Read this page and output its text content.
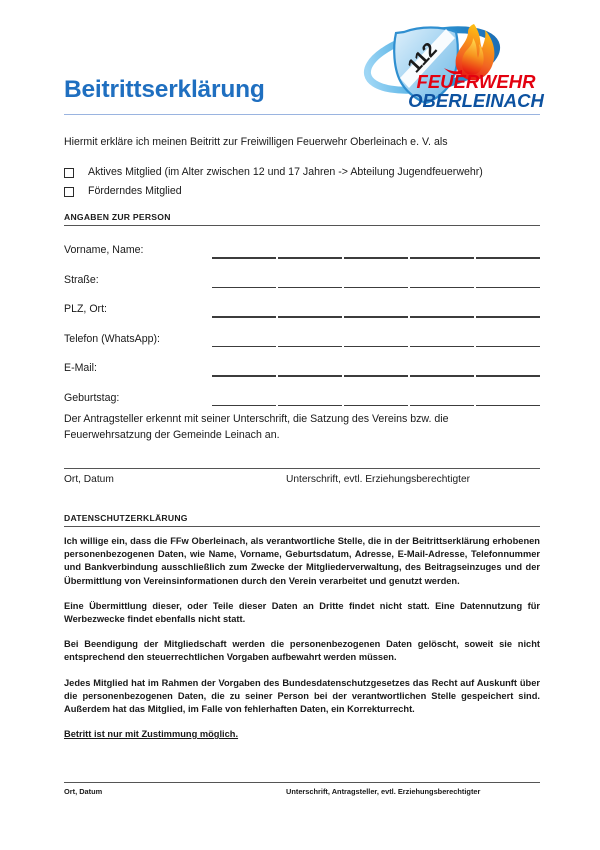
112
FEUERWEHR
OBERLEINACH
Beitrittserklärung
Hiermit erkläre ich meinen Beitritt zur Freiwilligen Feuerwehr Oberleinach e. V. als
Aktives Mitglied (im Alter zwischen 12 und 17 Jahren -> Abteilung Jugendfeuerwehr)
Förderndes Mitglied
ANGABEN ZUR PERSON
Vorname, Name:
Straße:
PLZ, Ort:
Telefon (WhatsApp):
E-Mail:
Geburtstag:
Der Antragsteller erkennt mit seiner Unterschrift, die Satzung des Vereins bzw. die Feuerwehrsatzung der Gemeinde Leinach an.
Ort, Datum	Unterschrift, evtl. Erziehungsberechtigter
DATENSCHUTZERKLÄRUNG

Ich willige ein, dass die FFw Oberleinach, als verantwortliche Stelle, die in der Beitrittserklärung erhobenen personenbezogenen Daten, wie Name, Vorname, Geburtsdatum, Adresse, E-Mail-Adresse, Telefonnummer und Bankverbindung ausschließlich zum Zwecke der Mitgliederverwaltung, des Beitragseinzuges und der Übermittlung von Vereinsinformationen durch den Verein verarbeitet und genutzt werden.

Eine Übermittlung dieser, oder Teile dieser Daten an Dritte findet nicht statt. Eine Datennutzung für Werbezwecke findet ebenfalls nicht statt.

Bei Beendigung der Mitgliedschaft werden die personenbezogenen Daten gelöscht, soweit sie nicht entsprechend den steuerrechtlichen Vorgaben aufbewahrt werden müssen.

Jedes Mitglied hat im Rahmen der Vorgaben des Bundesdatenschutzgesetzes das Recht auf Auskunft über die personenbezogenen Daten, die zu seiner Person bei der verantwortlichen Stelle gespeichert sind. Außerdem hat das Mitglied, im Falle von fehlerhaften Daten, ein Korrekturrecht.

Betritt ist nur mit Zustimmung möglich.

Ort, Datum	Unterschrift, Antragsteller, evtl. Erziehungsberechtigter
